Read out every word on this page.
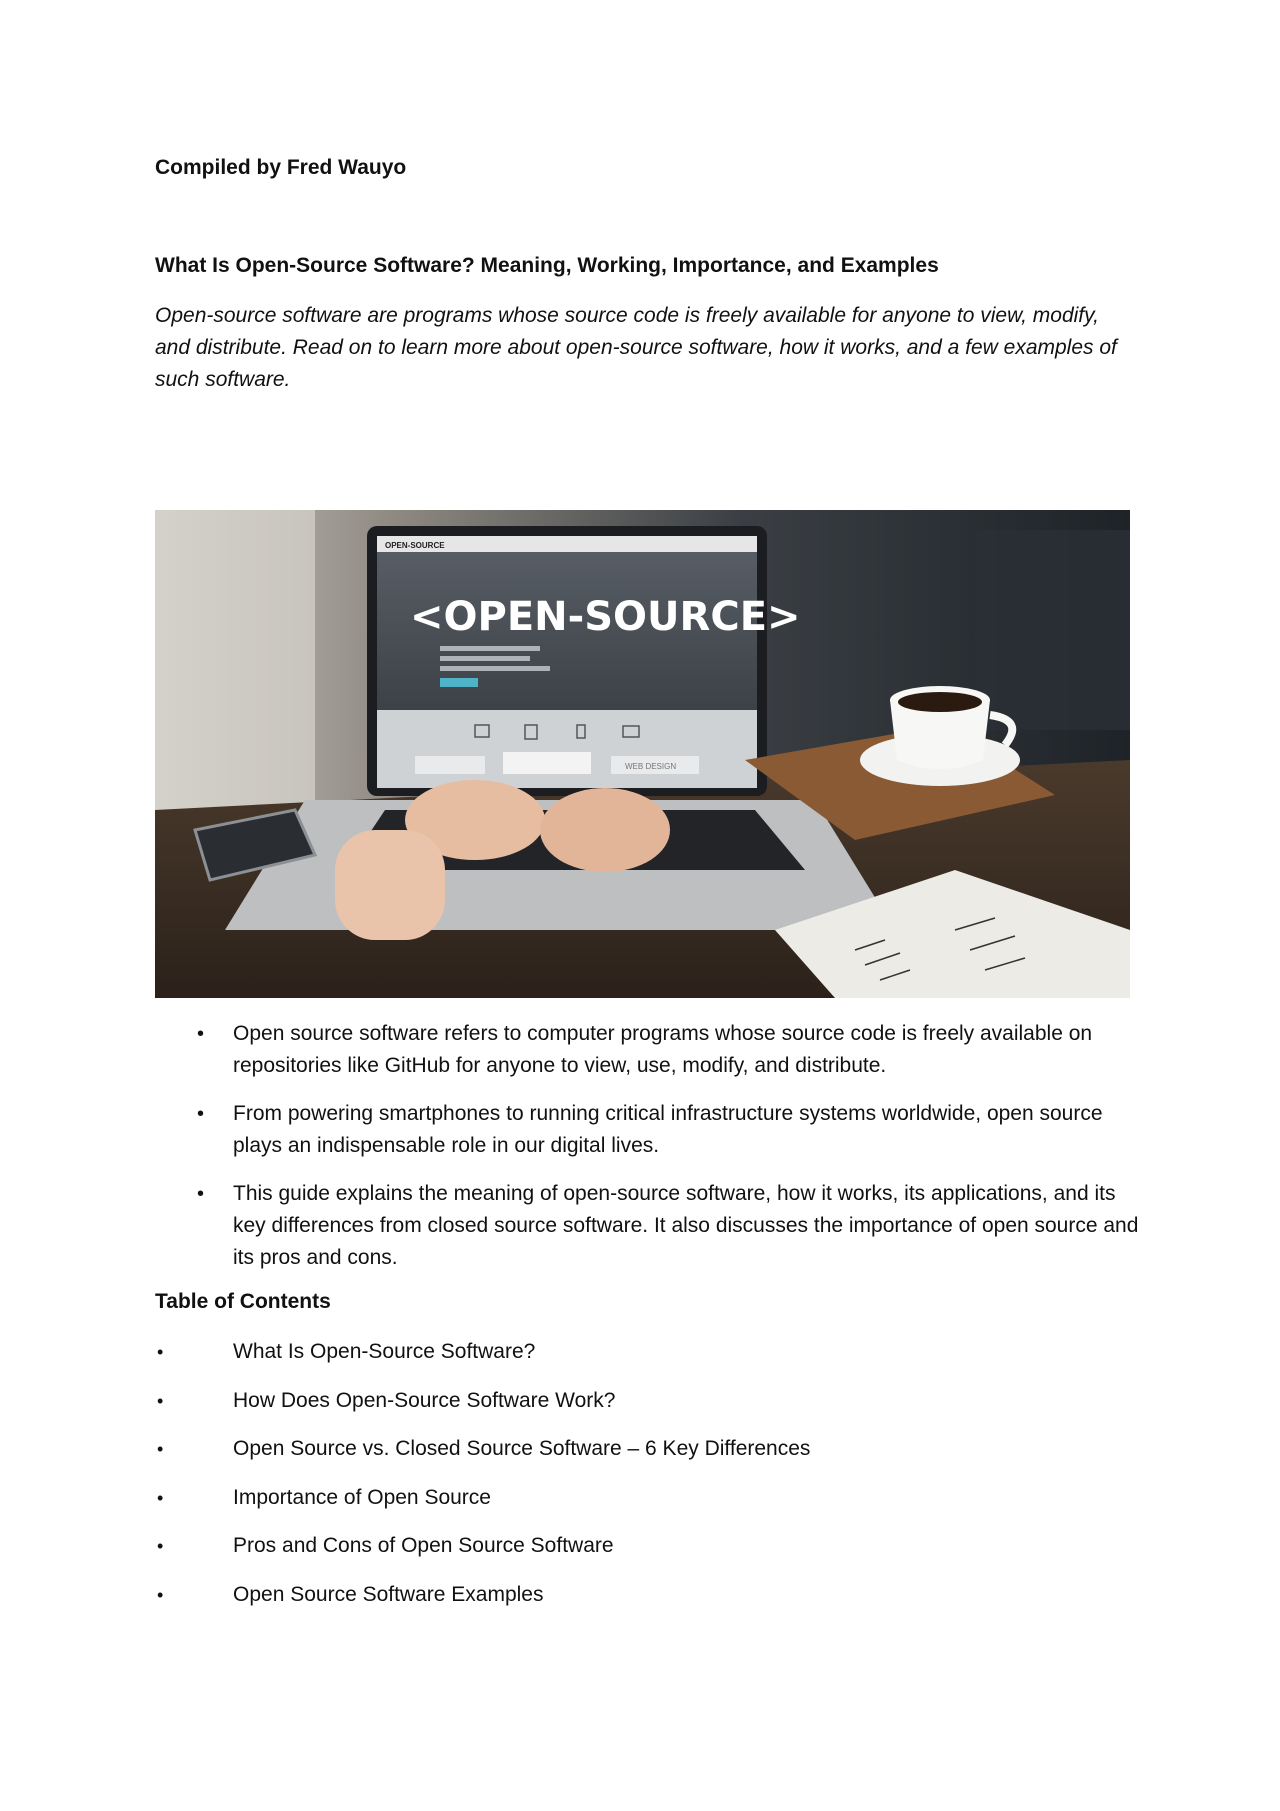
Compiled by Fred Wauyo

What Is Open-Source Software? Meaning, Working, Importance, and Examples

Open-source software are programs whose source code is freely available for anyone to view, modify, and distribute. Read on to learn more about open-source software, how it works, and a few examples of such software.

OPEN-SOURCE
<OPEN-SOURCE>
WEB DESIGN
• Open source software refers to computer programs whose source code is freely available on repositories like GitHub for anyone to view, use, modify, and distribute.
• From powering smartphones to running critical infrastructure systems worldwide, open source plays an indispensable role in our digital lives.
• This guide explains the meaning of open-source software, how it works, its applications, and its key differences from closed source software. It also discusses the importance of open source and its pros and cons.
Table of Contents
•	What Is Open-Source Software?
•	How Does Open-Source Software Work?
•	Open Source vs. Closed Source Software – 6 Key Differences
•	Importance of Open Source
•	Pros and Cons of Open Source Software
•	Open Source Software Examples
